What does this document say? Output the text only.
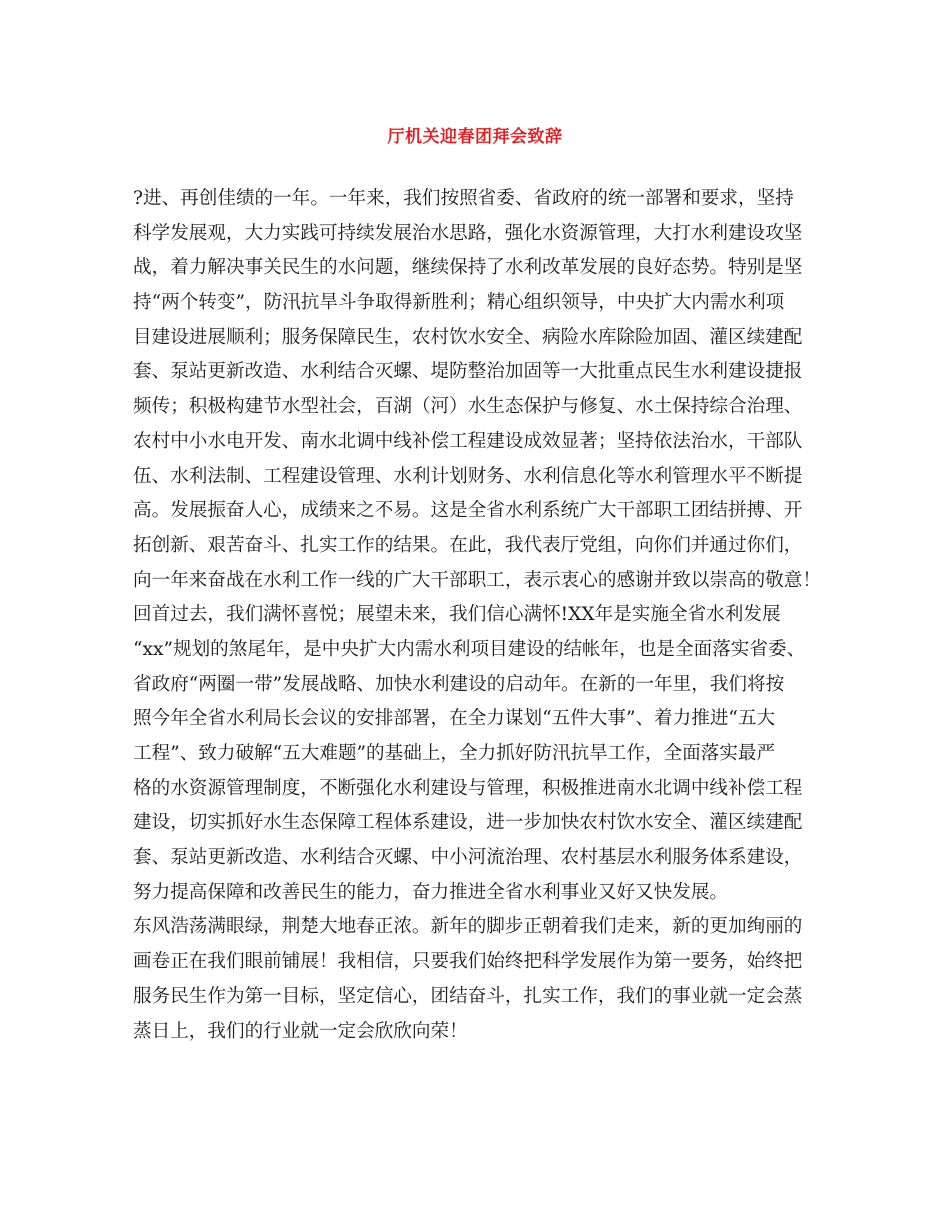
厅机关迎春团拜会致辞

?进、再创佳绩的一年。一年来，我们按照省委、省政府的统一部署和要求，坚持

科学发展观，大力实践可持续发展治水思路，强化水资源管理，大打水利建设攻坚

战，着力解决事关民生的水问题，继续保持了水利改革发展的良好态势。特别是坚

持“两个转变”，防汛抗旱斗争取得新胜利；精心组织领导，中央扩大内需水利项

目建设进展顺利；服务保障民生，农村饮水安全、病险水库除险加固、灌区续建配

套、泵站更新改造、水利结合灭螺、堤防整治加固等一大批重点民生水利建设捷报

频传；积极构建节水型社会，百湖（河）水生态保护与修复、水土保持综合治理、

农村中小水电开发、南水北调中线补偿工程建设成效显著；坚持依法治水，干部队

伍、水利法制、工程建设管理、水利计划财务、水利信息化等水利管理水平不断提

高。发展振奋人心，成绩来之不易。这是全省水利系统广大干部职工团结拼搏、开

拓创新、艰苦奋斗、扎实工作的结果。在此，我代表厅党组，向你们并通过你们，

向一年来奋战在水利工作一线的广大干部职工，表示衷心的感谢并致以崇高的敬意！

回首过去，我们满怀喜悦；展望未来，我们信心满怀!XX年是实施全省水利发展

“xx”规划的煞尾年，是中央扩大内需水利项目建设的结帐年，也是全面落实省委、

省政府“两圈一带”发展战略、加快水利建设的启动年。在新的一年里，我们将按

照今年全省水利局长会议的安排部署，在全力谋划“五件大事”、着力推进“五大

工程”、致力破解“五大难题”的基础上，全力抓好防汛抗旱工作，全面落实最严

格的水资源管理制度，不断强化水利建设与管理，积极推进南水北调中线补偿工程

建设，切实抓好水生态保障工程体系建设，进一步加快农村饮水安全、灌区续建配

套、泵站更新改造、水利结合灭螺、中小河流治理、农村基层水利服务体系建设，

努力提高保障和改善民生的能力，奋力推进全省水利事业又好又快发展。

东风浩荡满眼绿，荆楚大地春正浓。新年的脚步正朝着我们走来，新的更加绚丽的

画卷正在我们眼前铺展！我相信，只要我们始终把科学发展作为第一要务，始终把

服务民生作为第一目标，坚定信心，团结奋斗，扎实工作，我们的事业就一定会蒸

蒸日上，我们的行业就一定会欣欣向荣！
